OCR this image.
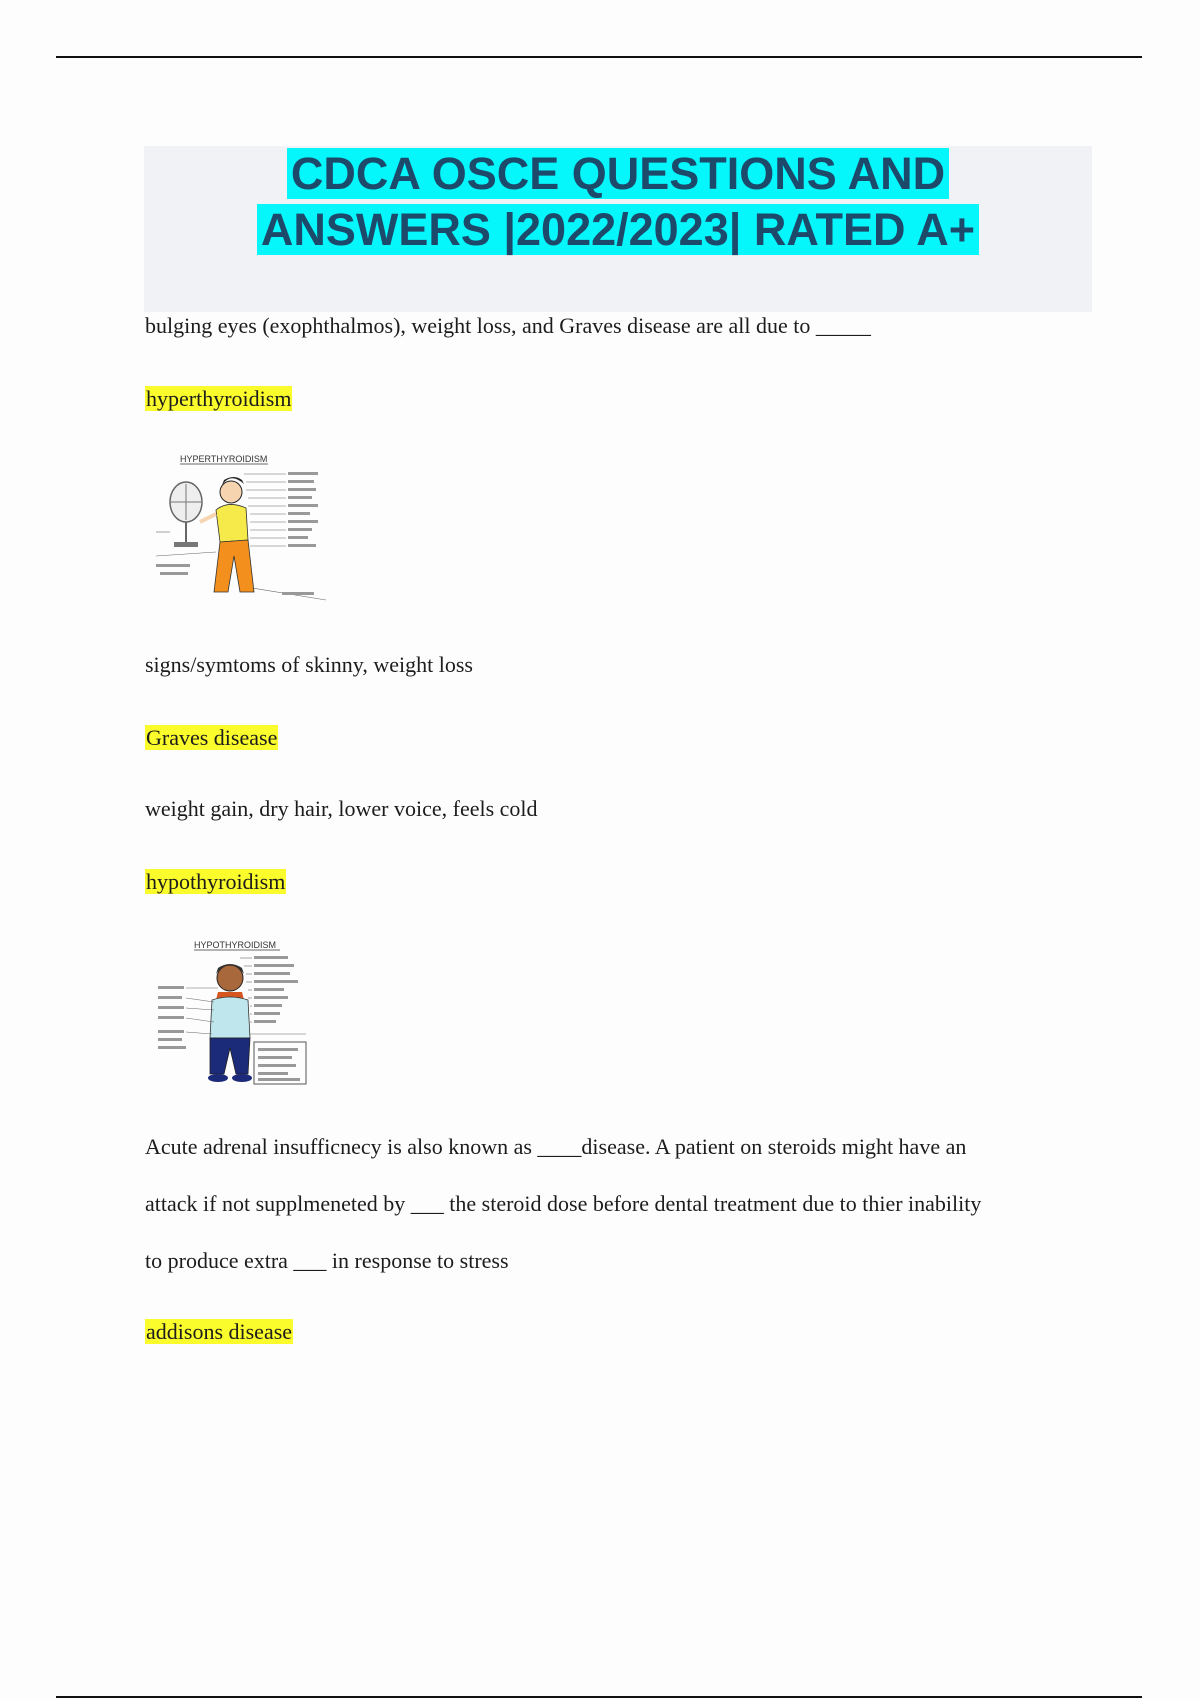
CDCA OSCE QUESTIONS AND
ANSWERS |2022/2023| RATED A+
bulging eyes (exophthalmos), weight loss, and Graves disease are all due to _____
hyperthyroidism
HYPERTHYROIDISM
signs/symtoms of skinny, weight loss
Graves disease
weight gain, dry hair, lower voice, feels cold
hypothyroidism
HYPOTHYROIDISM
Acute adrenal insufficnecy is also known as ____disease. A patient on steroids might have an
attack if not supplmeneted by ___ the steroid dose before dental treatment due to thier inability
to produce extra ___ in response to stress
addisons disease
